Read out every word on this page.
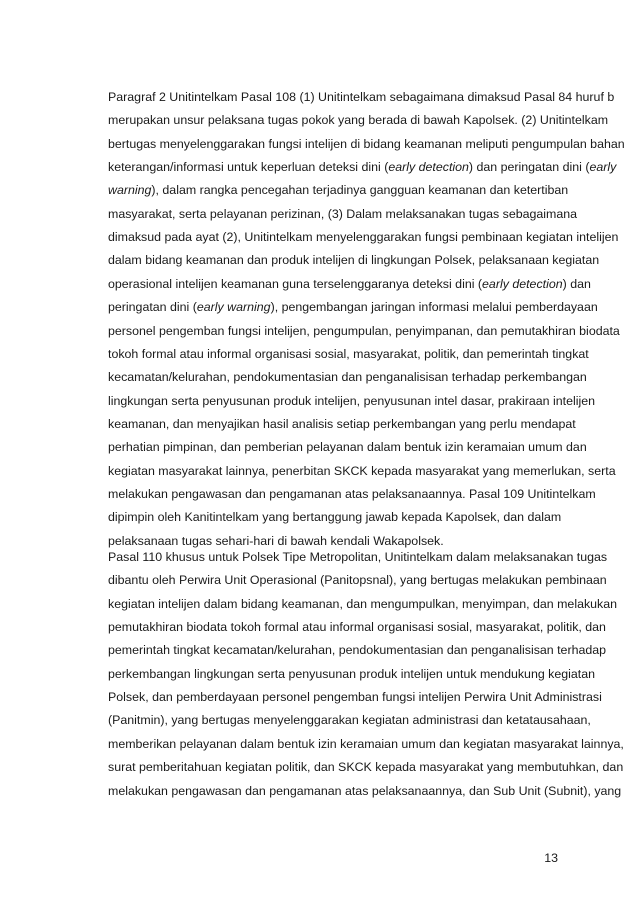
Paragraf 2 Unitintelkam Pasal 108 (1) Unitintelkam sebagaimana dimaksud Pasal 84 huruf b
merupakan unsur pelaksana tugas pokok yang berada di bawah Kapolsek. (2) Unitintelkam
bertugas menyelenggarakan fungsi intelijen di bidang keamanan meliputi pengumpulan bahan
keterangan/informasi untuk keperluan deteksi dini (early detection) dan peringatan dini (early
warning), dalam rangka pencegahan terjadinya gangguan keamanan dan ketertiban
masyarakat, serta pelayanan perizinan, (3) Dalam melaksanakan tugas sebagaimana
dimaksud pada ayat (2), Unitintelkam menyelenggarakan fungsi pembinaan kegiatan intelijen
dalam bidang keamanan dan produk intelijen di lingkungan Polsek, pelaksanaan kegiatan
operasional intelijen keamanan guna terselenggaranya deteksi dini (early detection) dan
peringatan dini (early warning), pengembangan jaringan informasi melalui pemberdayaan
personel pengemban fungsi intelijen, pengumpulan, penyimpanan, dan pemutakhiran biodata
tokoh formal atau informal organisasi sosial, masyarakat, politik, dan pemerintah tingkat
kecamatan/kelurahan, pendokumentasian dan penganalisisan terhadap perkembangan
lingkungan serta penyusunan produk intelijen, penyusunan intel dasar, prakiraan intelijen
keamanan, dan menyajikan hasil analisis setiap perkembangan yang perlu mendapat
perhatian pimpinan, dan pemberian pelayanan dalam bentuk izin keramaian umum dan
kegiatan masyarakat lainnya, penerbitan SKCK kepada masyarakat yang memerlukan, serta
melakukan pengawasan dan pengamanan atas pelaksanaannya. Pasal 109 Unitintelkam
dipimpin oleh Kanitintelkam yang bertanggung jawab kepada Kapolsek, dan dalam
pelaksanaan tugas sehari-hari di bawah kendali Wakapolsek.
Pasal 110 khusus untuk Polsek Tipe Metropolitan, Unitintelkam dalam melaksanakan tugas
dibantu oleh Perwira Unit Operasional (Panitopsnal), yang bertugas melakukan pembinaan
kegiatan intelijen dalam bidang keamanan, dan mengumpulkan, menyimpan, dan melakukan
pemutakhiran biodata tokoh formal atau informal organisasi sosial, masyarakat, politik, dan
pemerintah tingkat kecamatan/kelurahan, pendokumentasian dan penganalisisan terhadap
perkembangan lingkungan serta penyusunan produk intelijen untuk mendukung kegiatan
Polsek, dan pemberdayaan personel pengemban fungsi intelijen Perwira Unit Administrasi
(Panitmin), yang bertugas menyelenggarakan kegiatan administrasi dan ketatausahaan,
memberikan pelayanan dalam bentuk izin keramaian umum dan kegiatan masyarakat lainnya,
surat pemberitahuan kegiatan politik, dan SKCK kepada masyarakat yang membutuhkan, dan
melakukan pengawasan dan pengamanan atas pelaksanaannya, dan Sub Unit (Subnit), yang
13
